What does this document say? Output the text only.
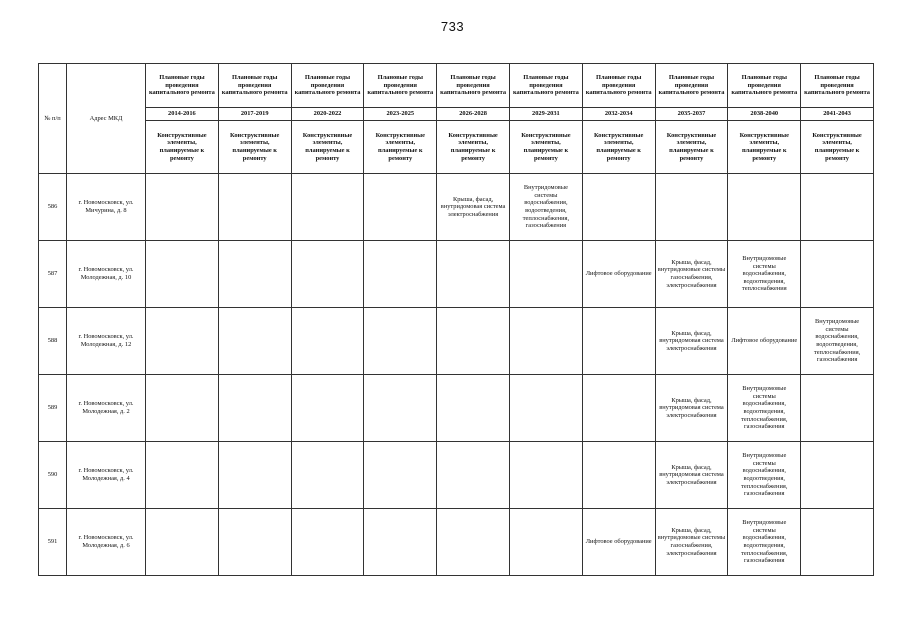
733
№ п/п	Адрес МКД	Плановые годы проведения капитального ремонта	Плановые годы проведения капитального ремонта	Плановые годы проведения капитального ремонта	Плановые годы проведения капитального ремонта	Плановые годы проведения капитального ремонта	Плановые годы проведения капитального ремонта	Плановые годы проведения капитального ремонта	Плановые годы проведения капитального ремонта	Плановые годы проведения капитального ремонта	Плановые годы проведения капитального ремонта
		2014-2016	2017-2019	2020-2022	2023-2025	2026-2028	2029-2031	2032-2034	2035-2037	2038-2040	2041-2043
		Конструктивные элементы, планируемые к ремонту	Конструктивные элементы, планируемые к ремонту	Конструктивные элементы, планируемые к ремонту	Конструктивные элементы, планируемые к ремонту	Конструктивные элементы, планируемые к ремонту	Конструктивные элементы, планируемые к ремонту	Конструктивные элементы, планируемые к ремонту	Конструктивные элементы, планируемые к ремонту	Конструктивные элементы, планируемые к ремонту	Конструктивные элементы, планируемые к ремонту
586	г. Новомосковск, ул. Мичурина, д. 8					Крыша, фасад, внутридомовая система электроснабжения	Внутридомовые системы водоснабжения, водоотведения, теплоснабжения, газоснабжения				
587	г. Новомосковск, ул. Молодежная, д. 10							Лифтовое оборудование	Крыша, фасад, внутридомовые системы газоснабжения, электроснабжения	Внутридомовые системы водоснабжения, водоотведения, теплоснабжения	
588	г. Новомосковск, ул. Молодежная, д. 12								Крыша, фасад, внутридомовая система электроснабжения	Лифтовое оборудование	Внутридомовые системы водоснабжения, водоотведения, теплоснабжения, газоснабжения
589	г. Новомосковск, ул. Молодежная, д. 2								Крыша, фасад, внутридомовая система электроснабжения	Внутридомовые системы водоснабжения, водоотведения, теплоснабжения, газоснабжения	
590	г. Новомосковск, ул. Молодежная, д. 4								Крыша, фасад, внутридомовая система электроснабжения	Внутридомовые системы водоснабжения, водоотведения, теплоснабжения, газоснабжения	
591	г. Новомосковск, ул. Молодежная, д. 6							Лифтовое оборудование	Крыша, фасад, внутридомовые системы газоснабжения, электроснабжения	Внутридомовые системы водоснабжения, водоотведения, теплоснабжения, газоснабжения	
